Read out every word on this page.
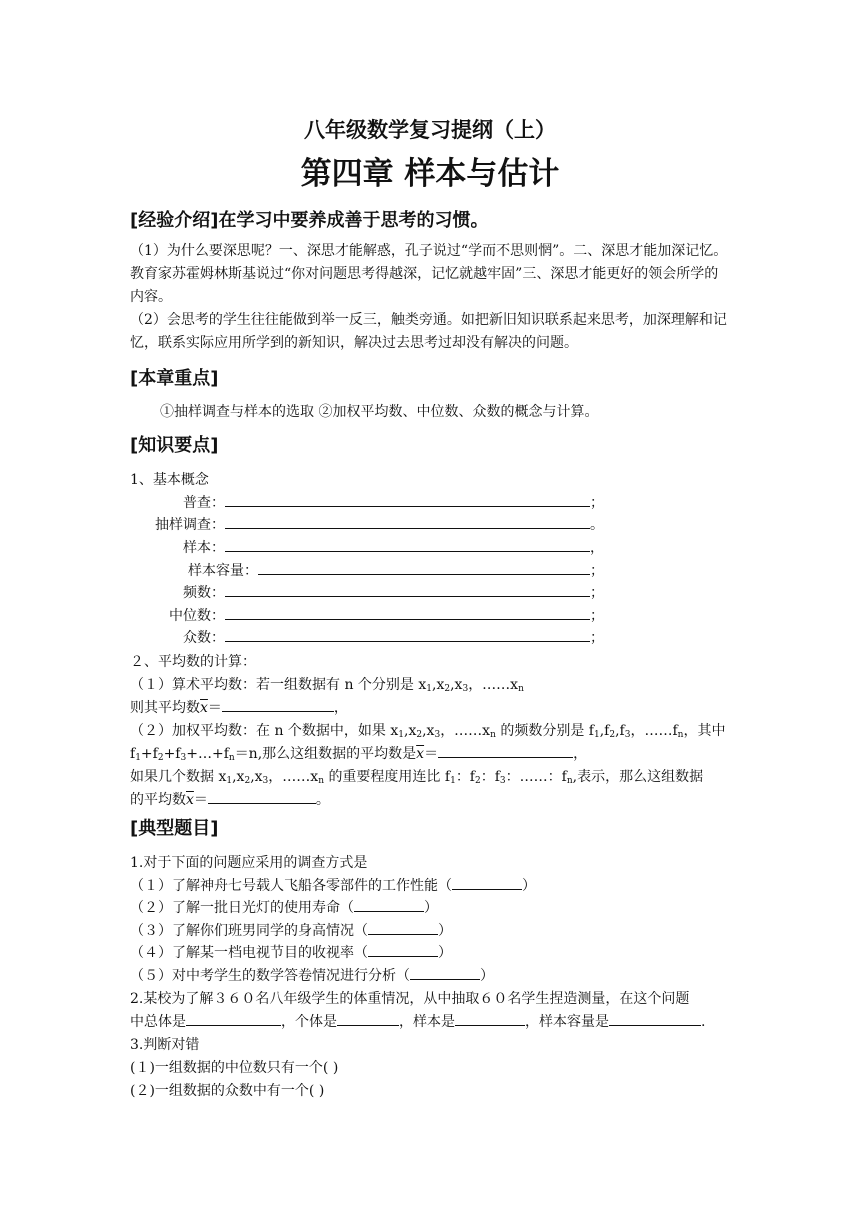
八年级数学复习提纲（上）
第四章 样本与估计
[经验介绍]在学习中要养成善于思考的习惯。
（1）为什么要深思呢？一、深思才能解惑，孔子说过“学而不思则惘”。二、深思才能加深记忆。教育家苏霍姆林斯基说过“你对问题思考得越深，记忆就越牢固”三、深思才能更好的领会所学的内容。
（2）会思考的学生往往能做到举一反三，触类旁通。如把新旧知识联系起来思考，加深理解和记忆，联系实际应用所学到的新知识，解决过去思考过却没有解决的问题。
[本章重点]
①抽样调查与样本的选取 ②加权平均数、中位数、众数的概念与计算。
[知识要点]
1、基本概念
普查：	；
抽样调查：	。
样本：	，
样本容量：	；
频数：	；
中位数：	；
众数：	；
２、平均数的计算：
（１）算术平均数：若一组数据有 n 个分别是 $x_1,x_2,x_3$，$\dots\dots x_n$
则其平均数$\overline{x}=$	，
（２）加权平均数：在 n 个数据中，如果 $x_1,x_2,x_3$，$\dots\dots x_n$ 的频数分别是 $f_1,f_2,f_3$，$\dots\dots f_n$，其中
$f_1+f_2+f_3+\dots+f_n=n$,那么这组数据的平均数是$\overline{x}=$	，
如果几个数据 $x_1,x_2,x_3$，$\dots\dots x_n$ 的重要程度用连比 $f_1$：$f_2$：$f_3$：……：$f_n$,表示，那么这组数据
的平均数$\overline{x}=$	。
[典型题目]
1.对于下面的问题应采用的调查方式是
（１）了解神舟七号载人飞船各零部件的工作性能（	）
（２）了解一批日光灯的使用寿命（	）
（３）了解你们班男同学的身高情况（	）
（４）了解某一档电视节目的收视率（	）
（５）对中考学生的数学答卷情况进行分析（	）
2.某校为了解３６０名八年级学生的体重情况，从中抽取６０名学生捏造测量，在这个问题
中总体是	，个体是	，样本是	，样本容量是	.
3.判断对错
(１)一组数据的中位数只有一个( )
(２)一组数据的众数中有一个( )
